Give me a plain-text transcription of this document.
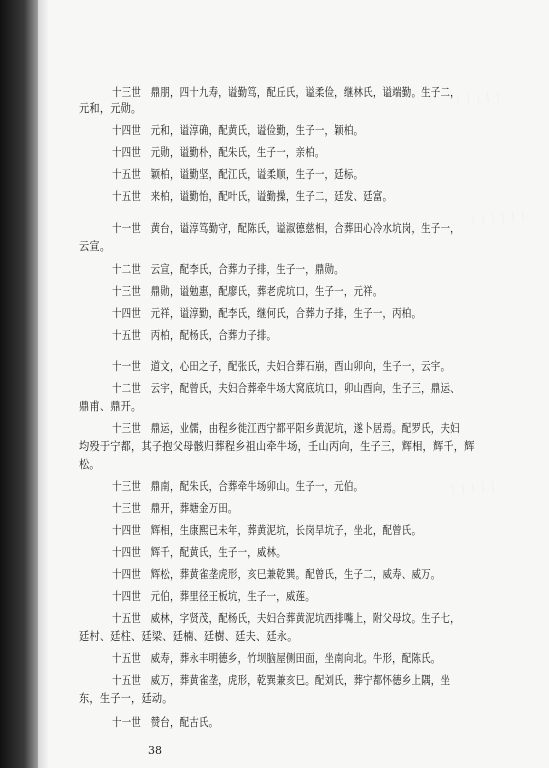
｜｜｜｜｜
｜｜｜｜｜｜
｜｜｜｜｜
十三世　鼎朋，四十九寿，谥勤笃，配丘氏，谥柔俭，继林氏，谥端勤。生子二，
元和，元勋。
十四世　元和，谥淳确，配黄氏，谥俭勤，生子一，颖柏。
十四世　元勋，谥勤朴，配朱氏，生子一，亲柏。
十五世　颖柏，谥勤坚，配江氏，谥柔顺，生子一，廷标。
十五世　来柏，谥勤怡，配叶氏，谥勤操，生子二，廷发、廷富。
十一世　黄台，谥淳笃勤守，配陈氏，谥淑德慈相，合葬田心冷水坑岗，生子一，
云宣。
十二世　云宣，配李氏，合葬力子排，生子一，鼎勋。
十三世　鼎勋，谥勉惠，配廖氏，葬老虎坑口，生子一，元祥。
十四世　元祥，谥淳勤，配李氏，继何氏，合葬力子排，生子一，丙柏。
十五世　丙柏，配杨氏，合葬力子排。
十一世　道文，心田之子，配张氏，夫妇合葬石崩，酉山卯向，生子一，云宇。
十二世　云宇，配曾氏，夫妇合葬牵牛场大窝底坑口，卯山酉向，生子三，鼎运、
鼎甫、鼎开。
十三世　鼎运，业儒，由程乡徙江西宁都平阳乡黄泥坑，遂卜居焉。配罗氏，夫妇
均殁于宁都，其子抱父母骸归葬程乡祖山牵牛场，壬山丙向，生子三，辉相，辉千，辉
松。
十三世　鼎南，配朱氏，合葬牵牛场卯山。生子一，元伯。
十三世　鼎开，葬塘金万田。
十四世　辉相，生康熙已未年，葬黄泥坑，长岗旱坑子，坐北，配曾氏。
十四世　辉千，配黄氏，生子一，威林。
十四世　辉松，葬黄雀垄虎形，亥巳兼乾巽。配曾氏，生子二，威寿、威万。
十四世　元伯，葬里径王板坑，生子一，威莲。
十五世　威林，字贤茂，配杨氏，夫妇合葬黄泥坑西排嘴上，附父母坟。生子七，
廷村、廷柱、廷梁、廷楠、廷樹、廷夫、廷永。
十五世　威寿，葬永丰明德乡，竹坝脑屋侧田面，坐南向北。牛形，配陈氏。
十五世　威万，葬黄雀垄，虎形，乾巽兼亥巳。配刘氏，葬宁都怀德乡上隅，坐
东，生子一，廷动。
十一世　赞台，配古氏。
38
